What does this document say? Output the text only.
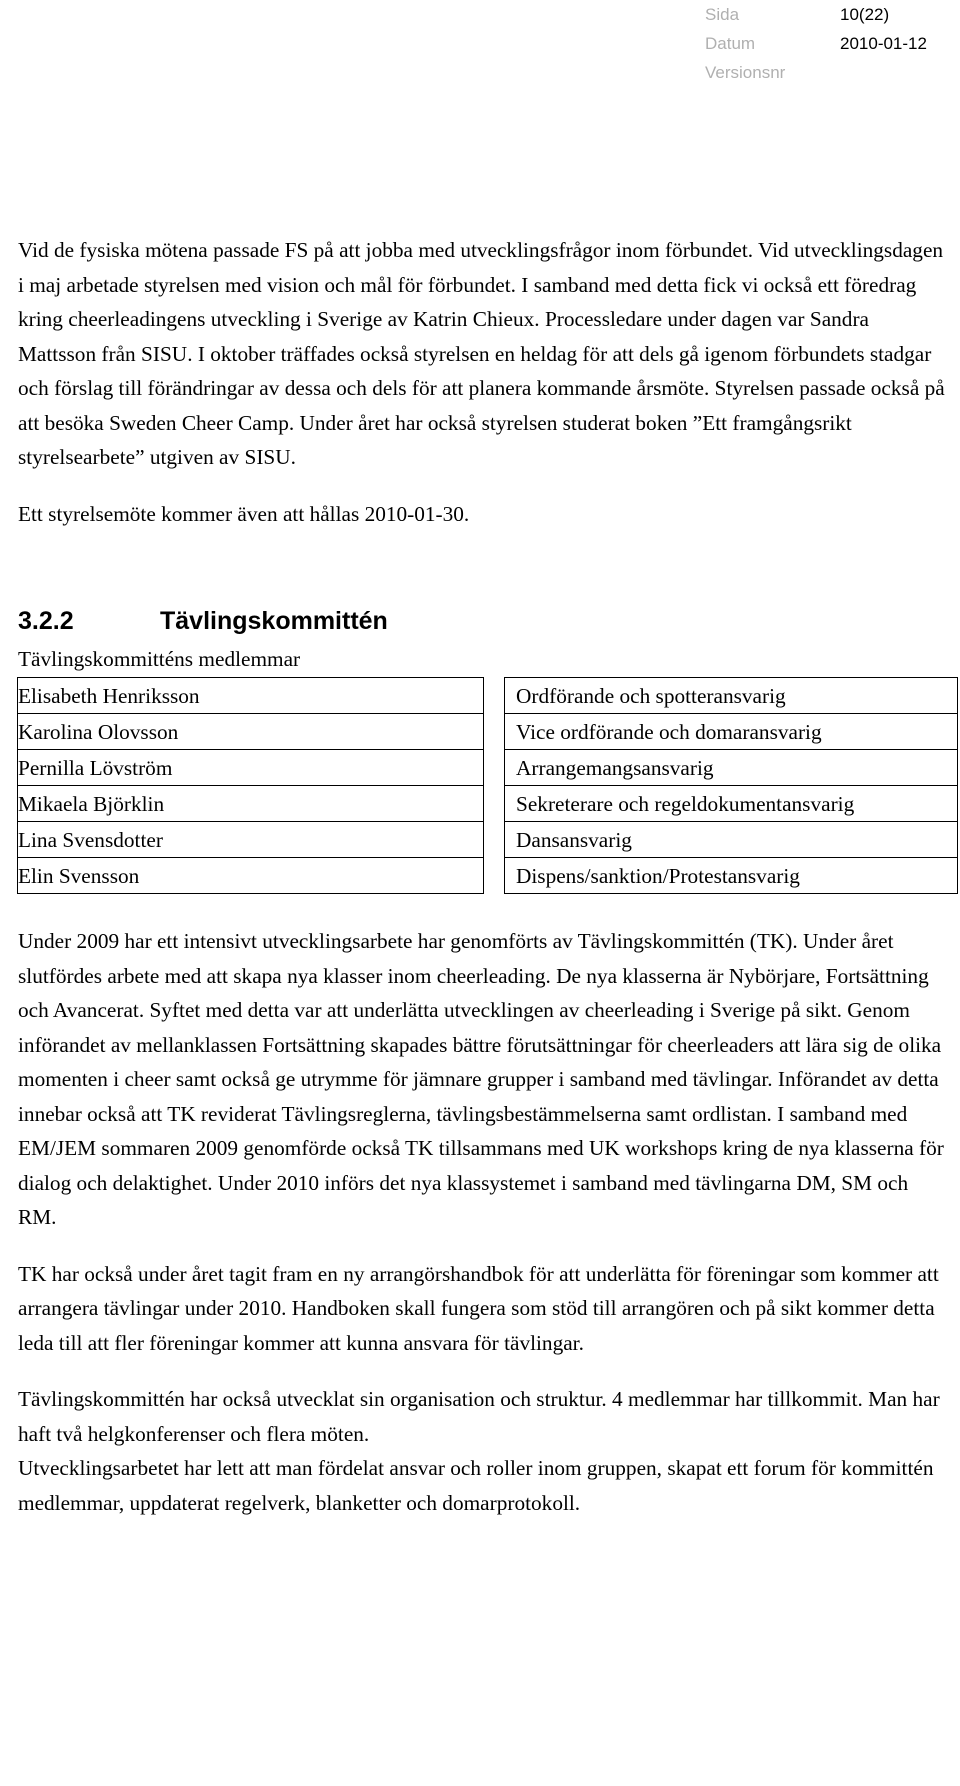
Sida	10(22)
Datum	2010-01-12
Versionsnr

Vid de fysiska mötena passade FS på att jobba med utvecklingsfrågor inom förbundet. Vid utvecklingsdagen i maj arbetade styrelsen med vision och mål för förbundet. I samband med detta fick vi också ett föredrag kring cheerleadingens utveckling i Sverige av Katrin Chieux. Processledare under dagen var Sandra Mattsson från SISU. I oktober träffades också styrelsen en heldag för att dels gå igenom förbundets stadgar och förslag till förändringar av dessa och dels för att planera kommande årsmöte. Styrelsen passade också på att besöka Sweden Cheer Camp. Under året har också styrelsen studerat boken ”Ett framgångsrikt styrelsearbete” utgiven av SISU.

Ett styrelsemöte kommer även att hållas 2010-01-30.

3.2.2	Tävlingskommittén
Tävlingskommitténs medlemmar
Elisabeth Henriksson		Ordförande och spotteransvarig
Karolina Olovsson		Vice ordförande och domaransvarig
Pernilla Lövström		Arrangemangsansvarig
Mikaela Björklin		Sekreterare och regeldokumentansvarig
Lina Svensdotter		Dansansvarig
Elin Svensson		Dispens/sanktion/Protestansvarig

Under 2009 har ett intensivt utvecklingsarbete har genomförts av Tävlingskommittén (TK). Under året slutfördes arbete med att skapa nya klasser inom cheerleading. De nya klasserna är Nybörjare, Fortsättning och Avancerat. Syftet med detta var att underlätta utvecklingen av cheerleading i Sverige på sikt. Genom införandet av mellanklassen Fortsättning skapades bättre förutsättningar för cheerleaders att lära sig de olika momenten i cheer samt också ge utrymme för jämnare grupper i samband med tävlingar. Införandet av detta innebar också att TK reviderat Tävlingsreglerna, tävlingsbestämmelserna samt ordlistan. I samband med EM/JEM sommaren 2009 genomförde också TK tillsammans med UK workshops kring de nya klasserna för dialog och delaktighet. Under 2010 införs det nya klassystemet i samband med tävlingarna DM, SM och RM.

TK har också under året tagit fram en ny arrangörshandbok för att underlätta för föreningar som kommer att arrangera tävlingar under 2010. Handboken skall fungera som stöd till arrangören och på sikt kommer detta leda till att fler föreningar kommer att kunna ansvara för tävlingar.

Tävlingskommittén har också utvecklat sin organisation och struktur. 4 medlemmar har tillkommit. Man har haft två helgkonferenser och flera möten.

Utvecklingsarbetet har lett att man fördelat ansvar och roller inom gruppen, skapat ett forum för kommittén medlemmar, uppdaterat regelverk, blanketter och domarprotokoll.
